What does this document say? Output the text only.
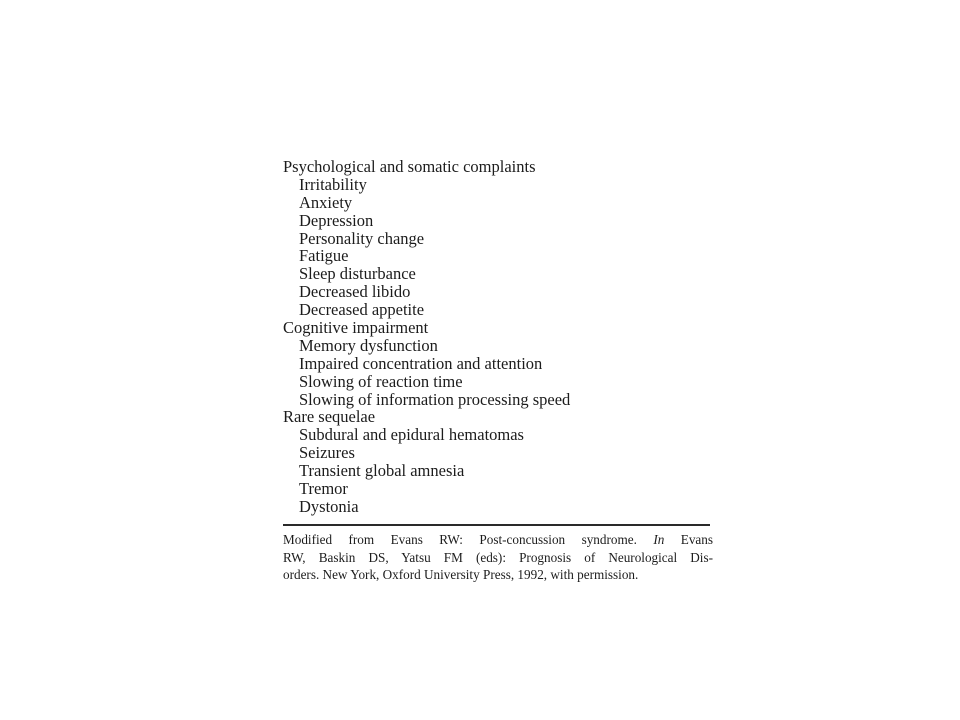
Psychological and somatic complaints
Irritability
Anxiety
Depression
Personality change
Fatigue
Sleep disturbance
Decreased libido
Decreased appetite
Cognitive impairment
Memory dysfunction
Impaired concentration and attention
Slowing of reaction time
Slowing of information processing speed
Rare sequelae
Subdural and epidural hematomas
Seizures
Transient global amnesia
Tremor
Dystonia
Modified from Evans RW: Post-concussion syndrome. In Evans
RW, Baskin DS, Yatsu FM (eds): Prognosis of Neurological Dis-
orders. New York, Oxford University Press, 1992, with permission.
